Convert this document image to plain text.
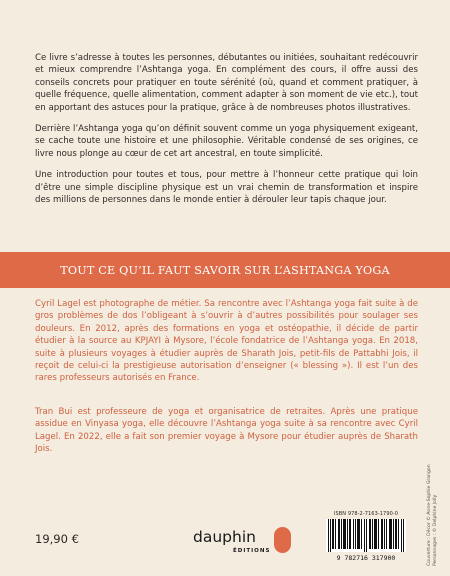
Ce livre s’adresse à toutes les personnes, débutantes ou initiées, souhaitant redécouvrir et mieux comprendre l’Ashtanga yoga. En complément des cours, il offre aussi des conseils concrets pour pratiquer en toute sérénité (où, quand et comment pratiquer, à quelle fréquence, quelle alimentation, comment adapter à son moment de vie etc.), tout en apportant des astuces pour la pratique, grâce à de nombreuses photos illustratives.

Derrière l’Ashtanga yoga qu’on définit souvent comme un yoga physiquement exigeant, se cache toute une histoire et une philosophie. Véritable condensé de ses origines, ce livre nous plonge au cœur de cet art ancestral, en toute simplicité.

Une introduction pour toutes et tous, pour mettre à l’honneur cette pratique qui loin d’être une simple discipline physique est un vrai chemin de transformation et inspire des millions de personnes dans le monde entier à dérouler leur tapis chaque jour.

TOUT CE QU’IL FAUT SAVOIR SUR L’ASHTANGA YOGA

Cyril Lagel est photographe de métier. Sa rencontre avec l’Ashtanga yoga fait suite à de gros problèmes de dos l’obligeant à s’ouvrir à d’autres possibilités pour soulager ses douleurs. En 2012, après des formations en yoga et ostéopathie, il décide de partir étudier à la source au KPJAYI à Mysore, l’école fondatrice de l’Ashtanga yoga. En 2018, suite à plusieurs voyages à étudier auprès de Sharath Jois, petit-fils de Pattabhi Jois, il reçoit de celui-ci la prestigieuse autorisation d’enseigner (« blessing »). Il est l’un des rares professeurs autorisés en France.

Tran Bui est professeure de yoga et organisatrice de retraites. Après une pratique assidue en Vinyasa yoga, elle découvre l’Ashtanga yoga suite à sa rencontre avec Cyril Lagel. En 2022, elle a fait son premier voyage à Mysore pour étudier auprès de Sharath Jois.

19,90 €	dauphin
ÉDITIONS
ISBN 978-2-7163-1790-0
9 782716 317900	Couverture : Décor © Anne-Sophie Grangon Personnages : © Delphine Jolly
